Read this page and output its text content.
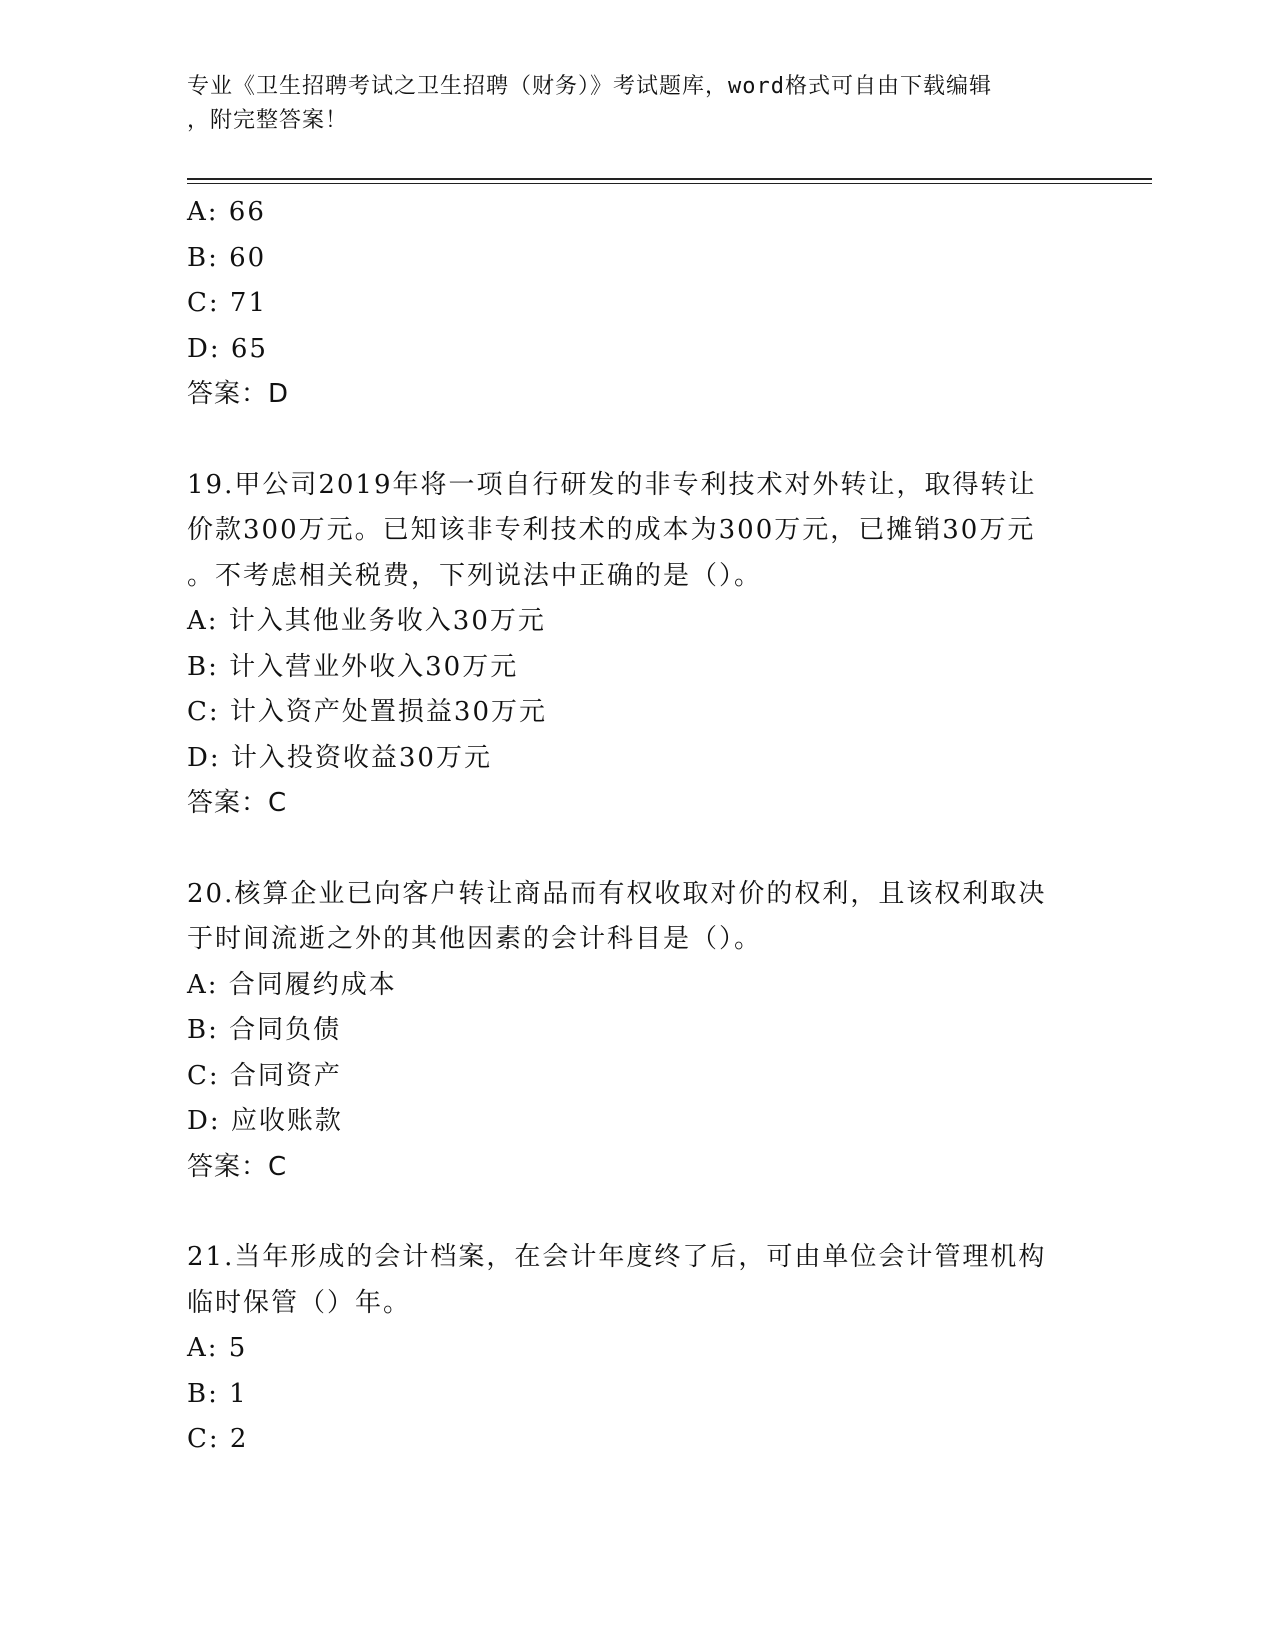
专业《卫生招聘考试之卫生招聘（财务）》考试题库，word格式可自由下载编辑
，附完整答案！
A: 66
B: 60
C: 71
D: 65
答案：D
19.甲公司2019年将一项自行研发的非专利技术对外转让，取得转让
价款300万元。已知该非专利技术的成本为300万元，已摊销30万元
。不考虑相关税费，下列说法中正确的是（）。
A: 计入其他业务收入30万元
B: 计入营业外收入30万元
C: 计入资产处置损益30万元
D: 计入投资收益30万元
答案：C
20.核算企业已向客户转让商品而有权收取对价的权利，且该权利取决
于时间流逝之外的其他因素的会计科目是（）。
A: 合同履约成本
B: 合同负债
C: 合同资产
D: 应收账款
答案：C
21.当年形成的会计档案，在会计年度终了后，可由单位会计管理机构
临时保管（）年。
A: 5
B: 1
C: 2
